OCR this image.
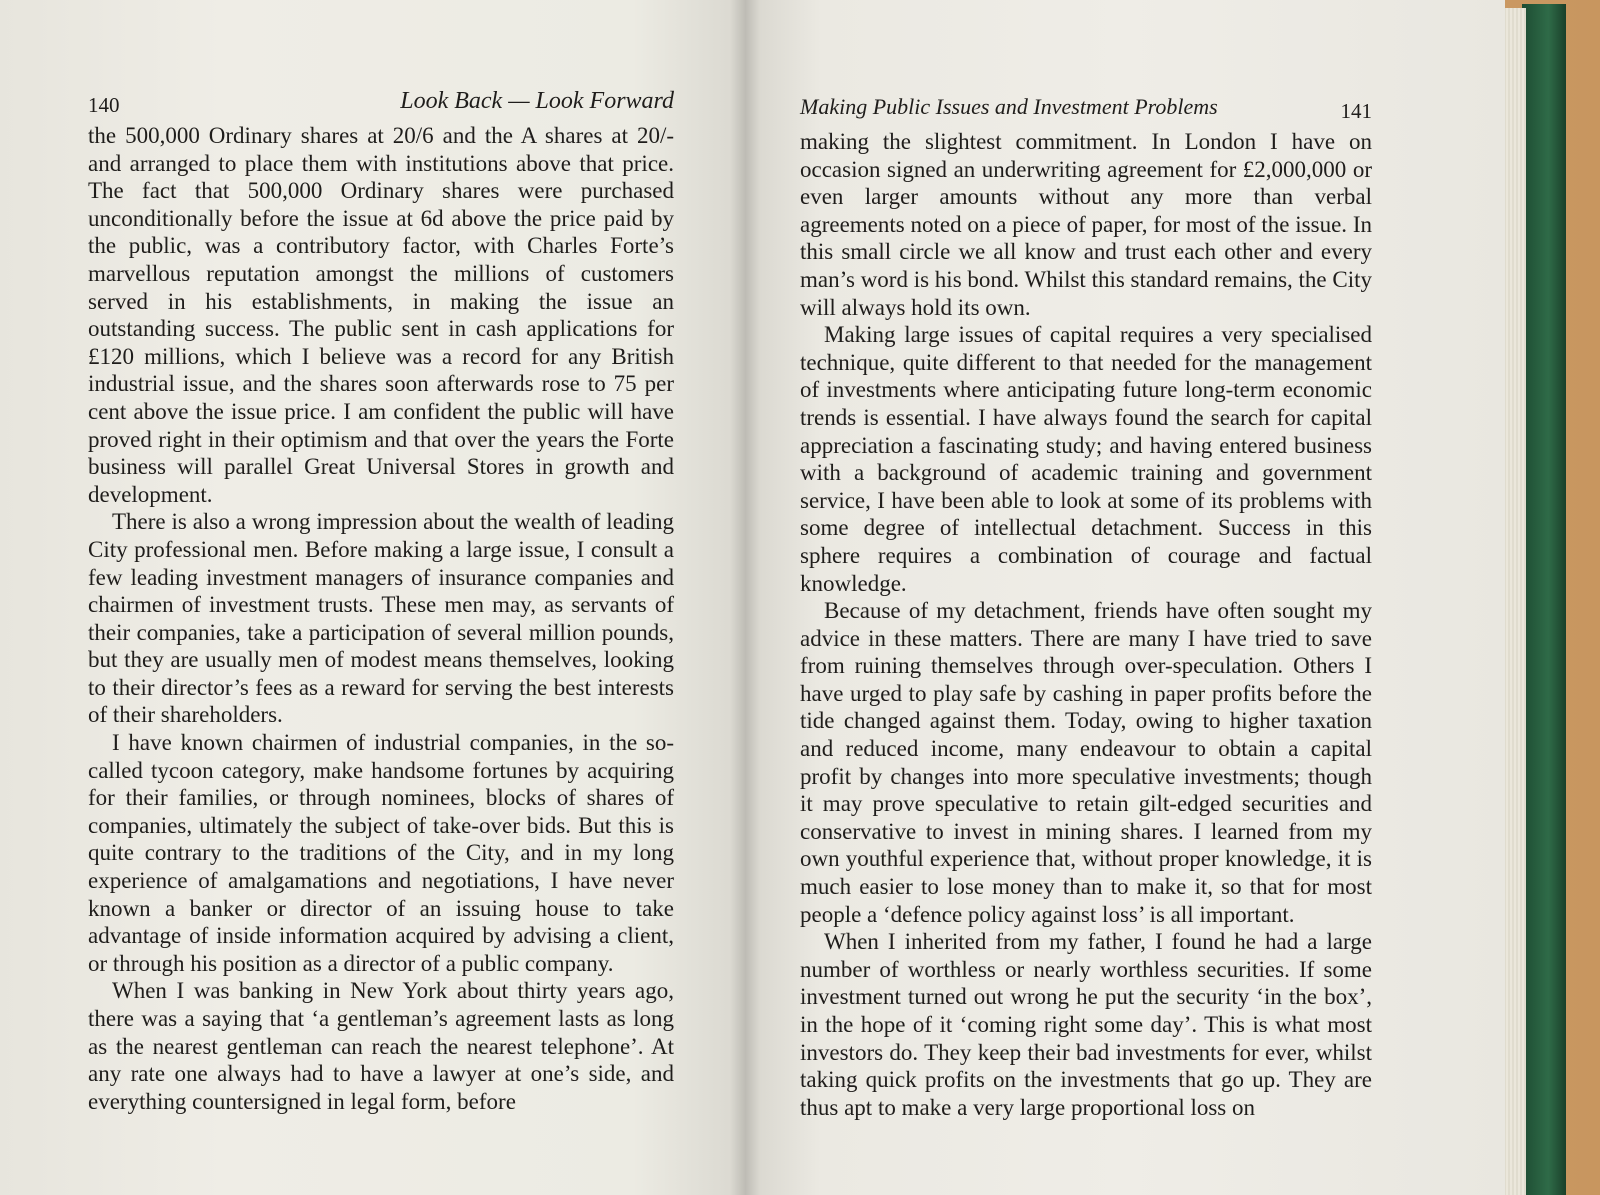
140	Look Back — Look Forward

the 500,000 Ordinary shares at 20/6 and the A shares at 20/- and arranged to place them with institutions above that price. The fact that 500,000 Ordinary shares were purchased unconditionally before the issue at 6d above the price paid by the public, was a contributory factor, with Charles Forte’s marvellous reputation amongst the millions of customers served in his establishments, in making the issue an outstanding success. The public sent in cash applications for £120 millions, which I believe was a record for any British industrial issue, and the shares soon afterwards rose to 75 per cent above the issue price. I am confident the public will have proved right in their optimism and that over the years the Forte business will parallel Great Universal Stores in growth and development.

There is also a wrong impression about the wealth of leading City professional men. Before making a large issue, I consult a few leading investment managers of insurance companies and chairmen of investment trusts. These men may, as servants of their companies, take a participation of several million pounds, but they are usually men of modest means themselves, looking to their director’s fees as a reward for serving the best interests of their shareholders.

I have known chairmen of industrial companies, in the so-called tycoon category, make handsome fortunes by acquiring for their families, or through nominees, blocks of shares of companies, ultimately the subject of take-over bids. But this is quite contrary to the traditions of the City, and in my long experience of amalgamations and negotiations, I have never known a banker or director of an issuing house to take advantage of inside information acquired by advising a client, or through his position as a director of a public company.

When I was banking in New York about thirty years ago, there was a saying that ‘a gentleman’s agreement lasts as long as the nearest gentleman can reach the nearest telephone’. At any rate one always had to have a lawyer at one’s side, and everything countersigned in legal form, before

Making Public Issues and Investment Problems	141

making the slightest commitment. In London I have on occasion signed an underwriting agreement for £2,000,000 or even larger amounts without any more than verbal agreements noted on a piece of paper, for most of the issue. In this small circle we all know and trust each other and every man’s word is his bond. Whilst this standard remains, the City will always hold its own.

Making large issues of capital requires a very specialised technique, quite different to that needed for the management of investments where anticipating future long-term economic trends is essential. I have always found the search for capital appreciation a fascinating study; and having entered business with a background of academic training and government service, I have been able to look at some of its problems with some degree of intellectual detachment. Success in this sphere requires a combination of courage and factual knowledge.

Because of my detachment, friends have often sought my advice in these matters. There are many I have tried to save from ruining themselves through over-speculation. Others I have urged to play safe by cashing in paper profits before the tide changed against them. Today, owing to higher taxation and reduced income, many endeavour to obtain a capital profit by changes into more speculative investments; though it may prove speculative to retain gilt-edged securities and conservative to invest in mining shares. I learned from my own youthful experience that, without proper knowledge, it is much easier to lose money than to make it, so that for most people a ‘defence policy against loss’ is all important.

When I inherited from my father, I found he had a large number of worthless or nearly worthless securities. If some investment turned out wrong he put the security ‘in the box’, in the hope of it ‘coming right some day’. This is what most investors do. They keep their bad investments for ever, whilst taking quick profits on the investments that go up. They are thus apt to make a very large proportional loss on
